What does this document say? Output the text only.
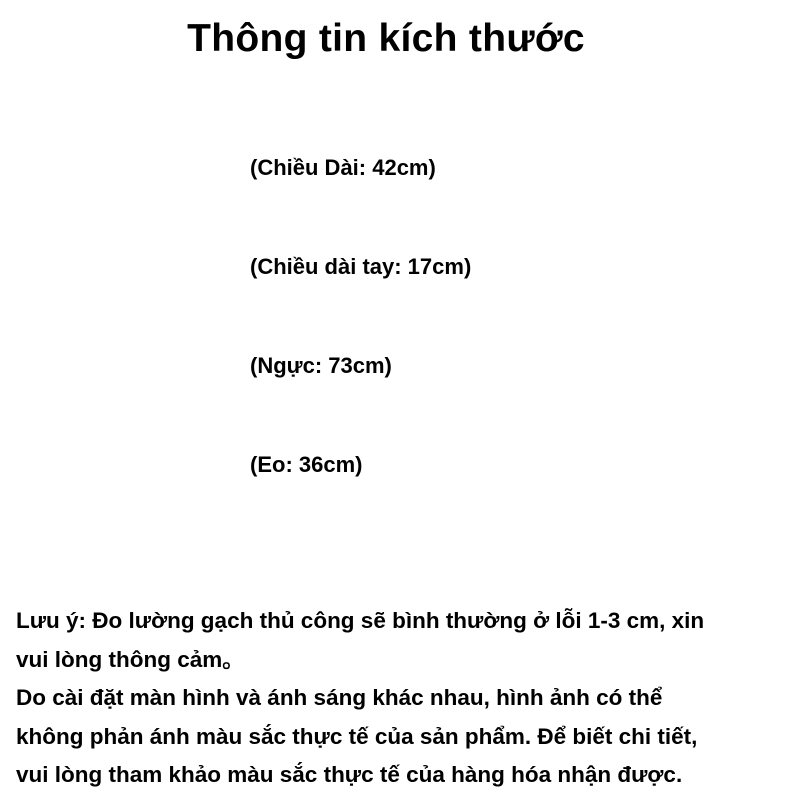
Thông tin kích thước
(Chiều Dài: 42cm)
(Chiều dài tay: 17cm)
(Ngực: 73cm)
(Eo: 36cm)

Lưu ý: Đo lường gạch thủ công sẽ bình thường ở lỗi 1-3 cm, xin
vui lòng thông cảm。
Do cài đặt màn hình và ánh sáng khác nhau, hình ảnh có thể
không phản ánh màu sắc thực tế của sản phẩm. Để biết chi tiết,
vui lòng tham khảo màu sắc thực tế của hàng hóa nhận được.
